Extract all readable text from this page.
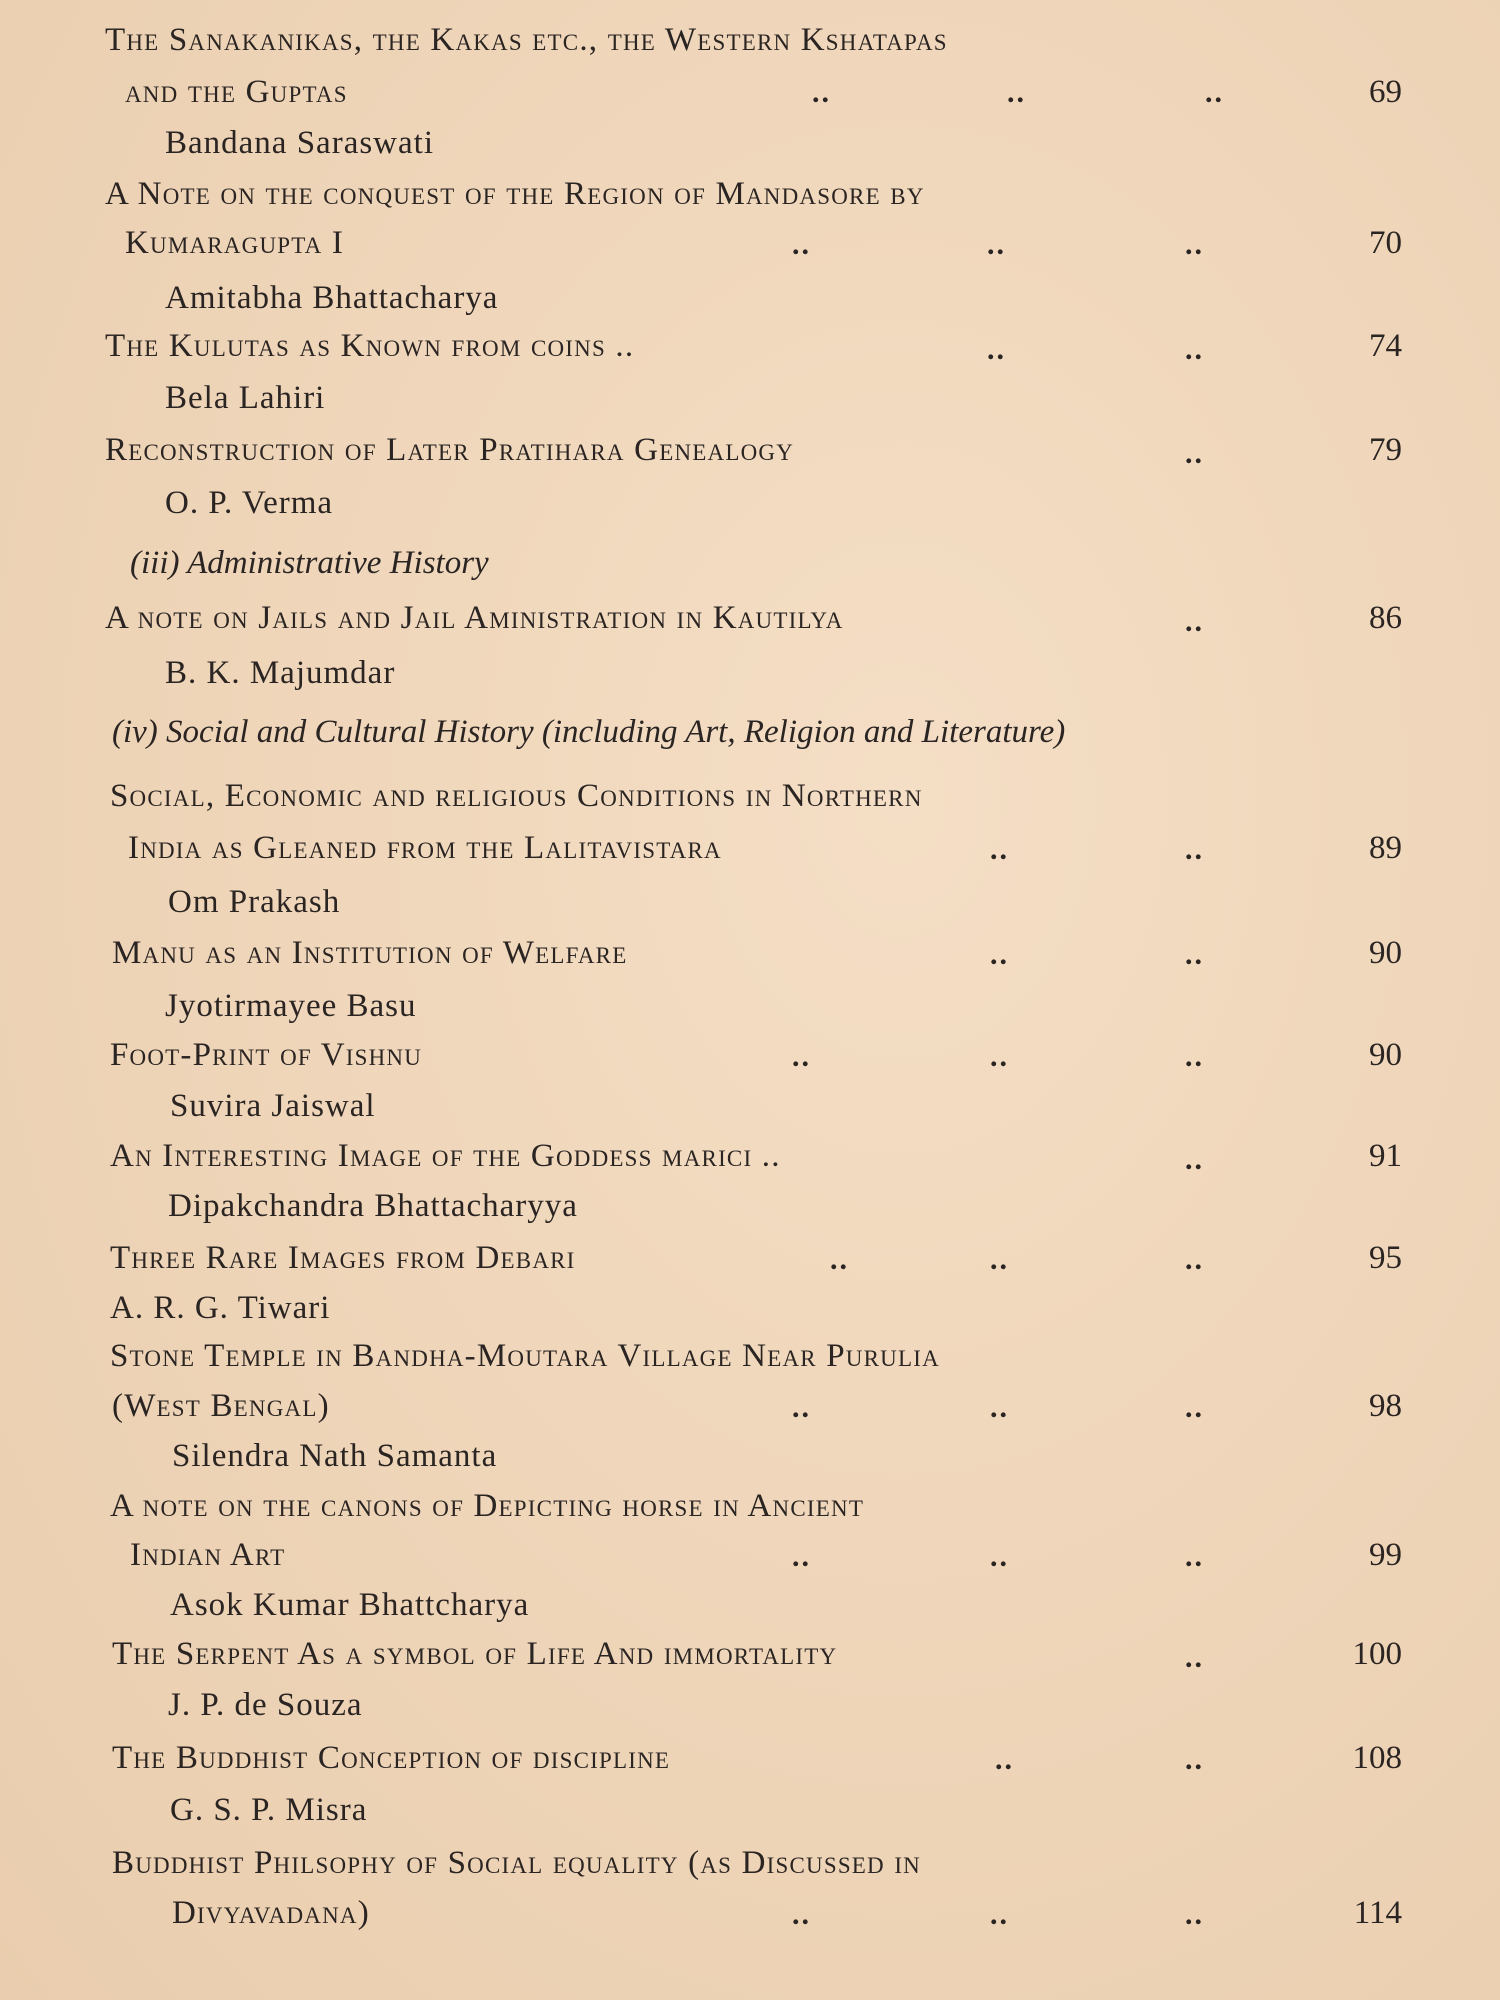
The Sanakanikas, the Kakas etc., the Western Kshatapas
and the Guptas	..	..	..	69
Bandana Saraswati
A Note on the conquest of the Region of Mandasore by
Kumaragupta I	..	..	..	70
Amitabha Bhattacharya
The Kulutas as Known from coins ..	..	..	74
Bela Lahiri
Reconstruction of Later Pratihara Genealogy	..	79
O. P. Verma
(iii) Administrative History
A note on Jails and Jail Aministration in Kautilya	..	86
B. K. Majumdar
(iv) Social and Cultural History (including Art, Religion and Literature)
Social, Economic and religious Conditions in Northern
India as Gleaned from the Lalitavistara	..	..	89
Om Prakash
Manu as an Institution of Welfare	..	..	90
Jyotirmayee Basu
Foot-Print of Vishnu	..	..	..	90
Suvira Jaiswal
An Interesting Image of the Goddess marici ..	..	91
Dipakchandra Bhattacharyya
Three Rare Images from Debari	..	..	..	95
A. R. G. Tiwari
Stone Temple in Bandha-Moutara Village Near Purulia
(West Bengal)	..	..	..	98
Silendra Nath Samanta
A note on the canons of Depicting horse in Ancient
Indian Art	..	..	..	99
Asok Kumar Bhattcharya
The Serpent As a symbol of Life And immortality	..	100
J. P. de Souza
The Buddhist Conception of discipline	..	..	108
G. S. P. Misra
Buddhist Philsophy of Social equality (as Discussed in
Divyavadana)	..	..	..	114
